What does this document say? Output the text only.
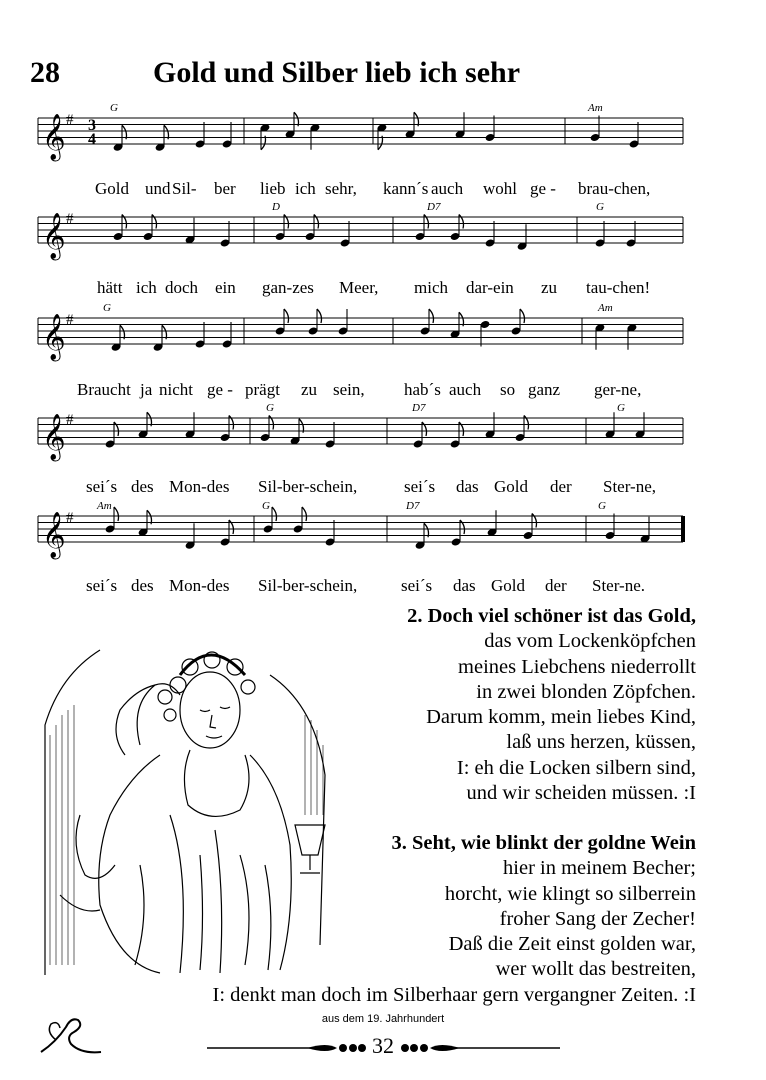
28	Gold und Silber lieb ich sehr
𝄞 # 3
4
G	Am
Gold und Sil- ber lieb ich sehr, kann´s auch wohl ge - brau-chen,
𝄞 #
D	D7	G
hätt ich doch ein gan-zes Meer, mich dar-ein zu tau-chen!
𝄞 #
G	Am
Braucht ja nicht ge - prägt zu sein, hab´s auch so ganz ger-ne,
𝄞 #
G	D7	G
sei´s des Mon-des Sil-ber-schein,	sei´s das Gold der Ster-ne,
𝄞 #
Am	G	D7	G
sei´s des Mon-des Sil-ber-schein,	sei´s das Gold der Ster-ne.
2. Doch viel schöner ist das Gold,
das vom Lockenköpfchen
meines Liebchens niederrollt
in zwei blonden Zöpfchen.
Darum komm, mein liebes Kind,
laß uns herzen, küssen,
I: eh die Locken silbern sind,
und wir scheiden müssen. :I
3. Seht, wie blinkt der goldne Wein
hier in meinem Becher;
horcht, wie klingt so silberrein
froher Sang der Zecher!
Daß die Zeit einst golden war,
wer wollt das bestreiten,
I: denkt man doch im Silberhaar gern vergangner Zeiten. :I
aus dem 19. Jahrhundert
32
